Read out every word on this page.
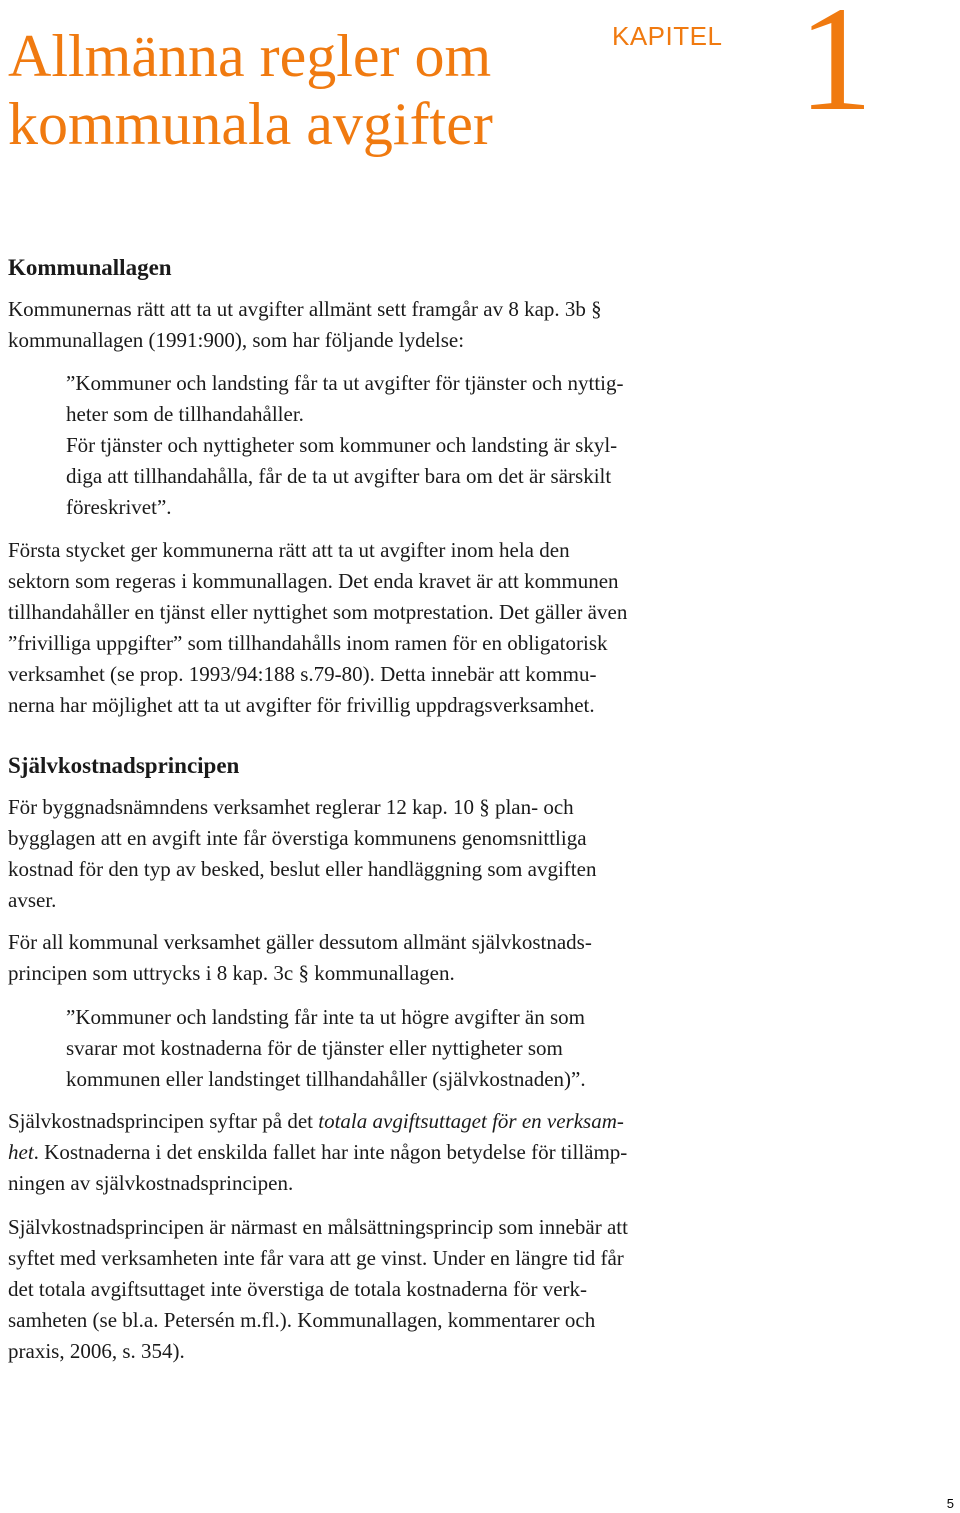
Allmänna regler om
kommunala avgifter
KAPITEL 1
Kommunallagen

Kommunernas rätt att ta ut avgifter allmänt sett framgår av 8 kap. 3b §
kommunallagen (1991:900), som har följande lydelse:

”Kommuner och landsting får ta ut avgifter för tjänster och nyttig-
heter som de tillhandahåller.

För tjänster och nyttigheter som kommuner och landsting är skyl-
diga att tillhandahålla, får de ta ut avgifter bara om det är särskilt
föreskrivet”.

Första stycket ger kommunerna rätt att ta ut avgifter inom hela den
sektorn som regeras i kommunallagen. Det enda kravet är att kommunen
tillhandahåller en tjänst eller nyttighet som motprestation. Det gäller även
”frivilliga uppgifter” som tillhandahålls inom ramen för en obligatorisk
verksamhet (se prop. 1993/94:188 s.79-80). Detta innebär att kommu-
nerna har möjlighet att ta ut avgifter för frivillig uppdragsverksamhet.

Självkostnadsprincipen

För byggnadsnämndens verksamhet reglerar 12 kap. 10 § plan- och
bygglagen att en avgift inte får överstiga kommunens genomsnittliga
kostnad för den typ av besked, beslut eller handläggning som avgiften
avser.

För all kommunal verksamhet gäller dessutom allmänt självkostnads-
principen som uttrycks i 8 kap. 3c § kommunallagen.

”Kommuner och landsting får inte ta ut högre avgifter än som
svarar mot kostnaderna för de tjänster eller nyttigheter som
kommunen eller landstinget tillhandahåller (självkostnaden)”.

Självkostnadsprincipen syftar på det totala avgiftsuttaget för en verksam-
het. Kostnaderna i det enskilda fallet har inte någon betydelse för tillämp-
ningen av självkostnadsprincipen.

Självkostnadsprincipen är närmast en målsättningsprincip som innebär att
syftet med verksamheten inte får vara att ge vinst. Under en längre tid får
det totala avgiftsuttaget inte överstiga de totala kostnaderna för verk-
samheten (se bl.a. Petersén m.fl.). Kommunallagen, kommentarer och
praxis, 2006, s. 354).

5
